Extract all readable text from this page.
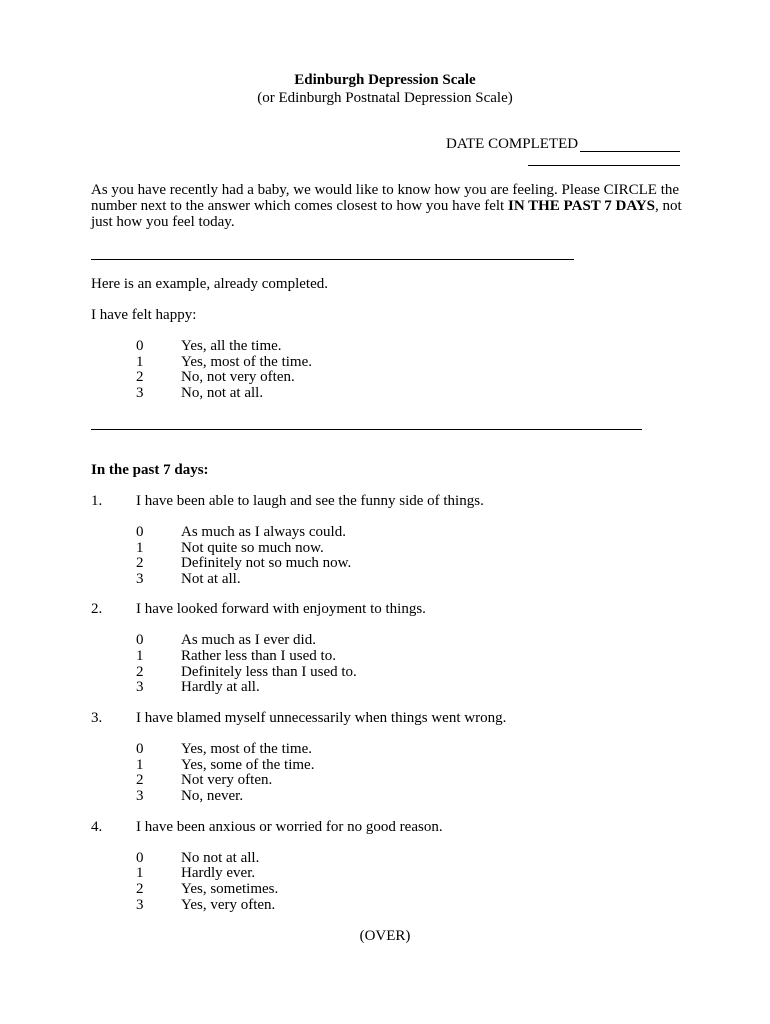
Edinburgh Depression Scale
(or Edinburgh Postnatal Depression Scale)
DATE COMPLETED
As you have recently had a baby, we would like to know how you are feeling. Please CIRCLE the number next to the answer which comes closest to how you have felt IN THE PAST 7 DAYS, not just how you feel today.
Here is an example, already completed.
I have felt happy:
0	Yes, all the time.
1	Yes, most of the time.
2	No, not very often.
3	No, not at all.
In the past 7 days:
1. I have been able to laugh and see the funny side of things.
0	As much as I always could.
1	Not quite so much now.
2	Definitely not so much now.
3	Not at all.
2. I have looked forward with enjoyment to things.
0	As much as I ever did.
1	Rather less than I used to.
2	Definitely less than I used to.
3	Hardly at all.
3. I have blamed myself unnecessarily when things went wrong.
0	Yes, most of the time.
1	Yes, some of the time.
2	Not very often.
3	No, never.
4. I have been anxious or worried for no good reason.
0	No not at all.
1	Hardly ever.
2	Yes, sometimes.
3	Yes, very often.
(OVER)
